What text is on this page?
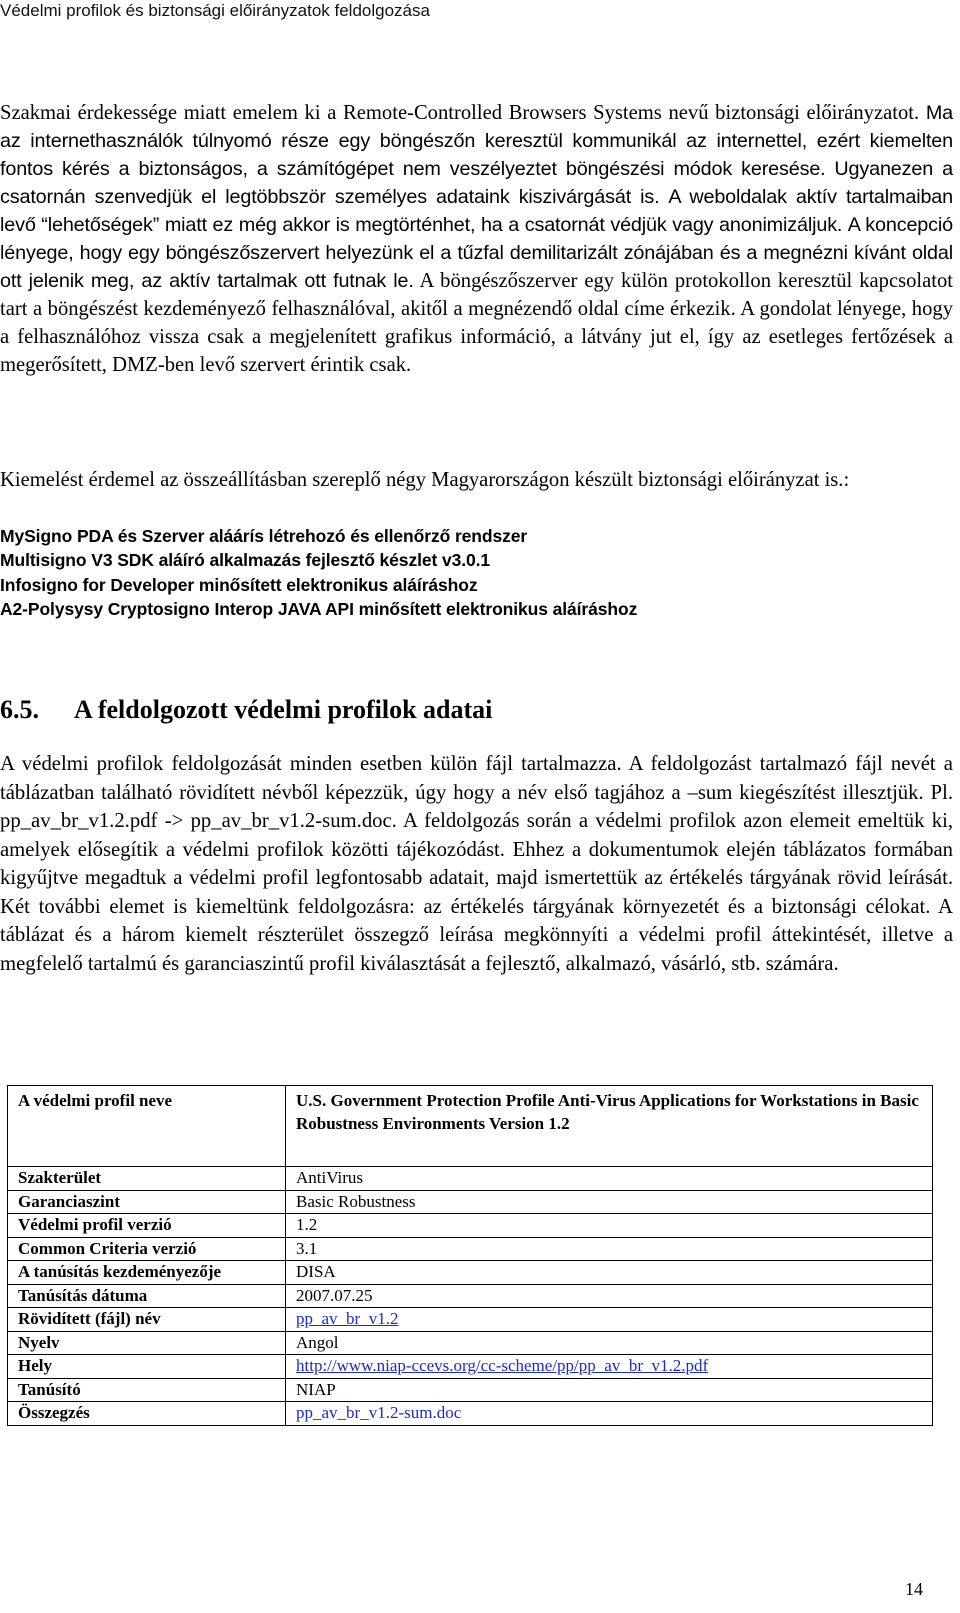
Védelmi profilok és biztonsági előirányzatok feldolgozása

Szakmai érdekessége miatt emelem ki a Remote-Controlled Browsers Systems nevű biztonsági előirányzatot. Ma az internethasználók túlnyomó része egy böngészőn keresztül kommunikál az internettel, ezért kiemelten fontos kérés a biztonságos, a számítógépet nem veszélyeztet böngészési módok keresése. Ugyanezen a csatornán szenvedjük el legtöbbször személyes adataink kiszivárgását is. A weboldalak aktív tartalmaiban levő “lehetőségek” miatt ez még akkor is megtörténhet, ha a csatornát védjük vagy anonimizáljuk. A koncepció lényege, hogy egy böngészőszervert helyezünk el a tűzfal demilitarizált zónájában és a megnézni kívánt oldal ott jelenik meg, az aktív tartalmak ott futnak le. A böngészőszerver egy külön protokollon keresztül kapcsolatot tart a böngészést kezdeményező felhasználóval, akitől a megnézendő oldal címe érkezik. A gondolat lényege, hogy a felhasználóhoz vissza csak a megjelenített grafikus információ, a látvány jut el, így az esetleges fertőzések a megerősített, DMZ-ben levő szervert érintik csak.

Kiemelést érdemel az összeállításban szereplő négy Magyarországon készült biztonsági előirányzat is.:

MySigno PDA és Szerver aláárís létrehozó és ellenőrző rendszer
Multisigno V3 SDK aláíró alkalmazás fejlesztő készlet v3.0.1
Infosigno for Developer minősített elektronikus aláíráshoz
A2-Polysysy Cryptosigno Interop JAVA API minősített elektronikus aláíráshoz
6.5. A feldolgozott védelmi profilok adatai

A védelmi profilok feldolgozását minden esetben külön fájl tartalmazza. A feldolgozást tartalmazó fájl nevét a táblázatban található rövidített névből képezzük, úgy hogy a név első tagjához a –sum kiegészítést illesztjük. Pl. pp_av_br_v1.2.pdf -> pp_av_br_v1.2-sum.doc. A feldolgozás során a védelmi profilok azon elemeit emeltük ki, amelyek elősegítik a védelmi profilok közötti tájékozódást. Ehhez a dokumentumok elején táblázatos formában kigyűjtve megadtuk a védelmi profil legfontosabb adatait, majd ismertettük az értékelés tárgyának rövid leírását. Két további elemet is kiemeltünk feldolgozásra: az értékelés tárgyának környezetét és a biztonsági célokat. A táblázat és a három kiemelt részterület összegző leírása megkönnyíti a védelmi profil áttekintését, illetve a megfelelő tartalmú és garanciaszintű profil kiválasztását a fejlesztő, alkalmazó, vásárló, stb. számára.

A védelmi profil neve	U.S. Government Protection Profile Anti-Virus Applications for Workstations in Basic Robustness Environments Version 1.2
Szakterület	AntiVirus
Garanciaszint	Basic Robustness
Védelmi profil verzió	1.2
Common Criteria verzió	3.1
A tanúsítás kezdeményezője	DISA
Tanúsítás dátuma	2007.07.25
Rövidített (fájl) név	pp_av_br_v1.2
Nyelv	Angol
Hely	http://www.niap-ccevs.org/cc-scheme/pp/pp_av_br_v1.2.pdf
Tanúsító	NIAP
Összegzés	pp_av_br_v1.2-sum.doc
14
